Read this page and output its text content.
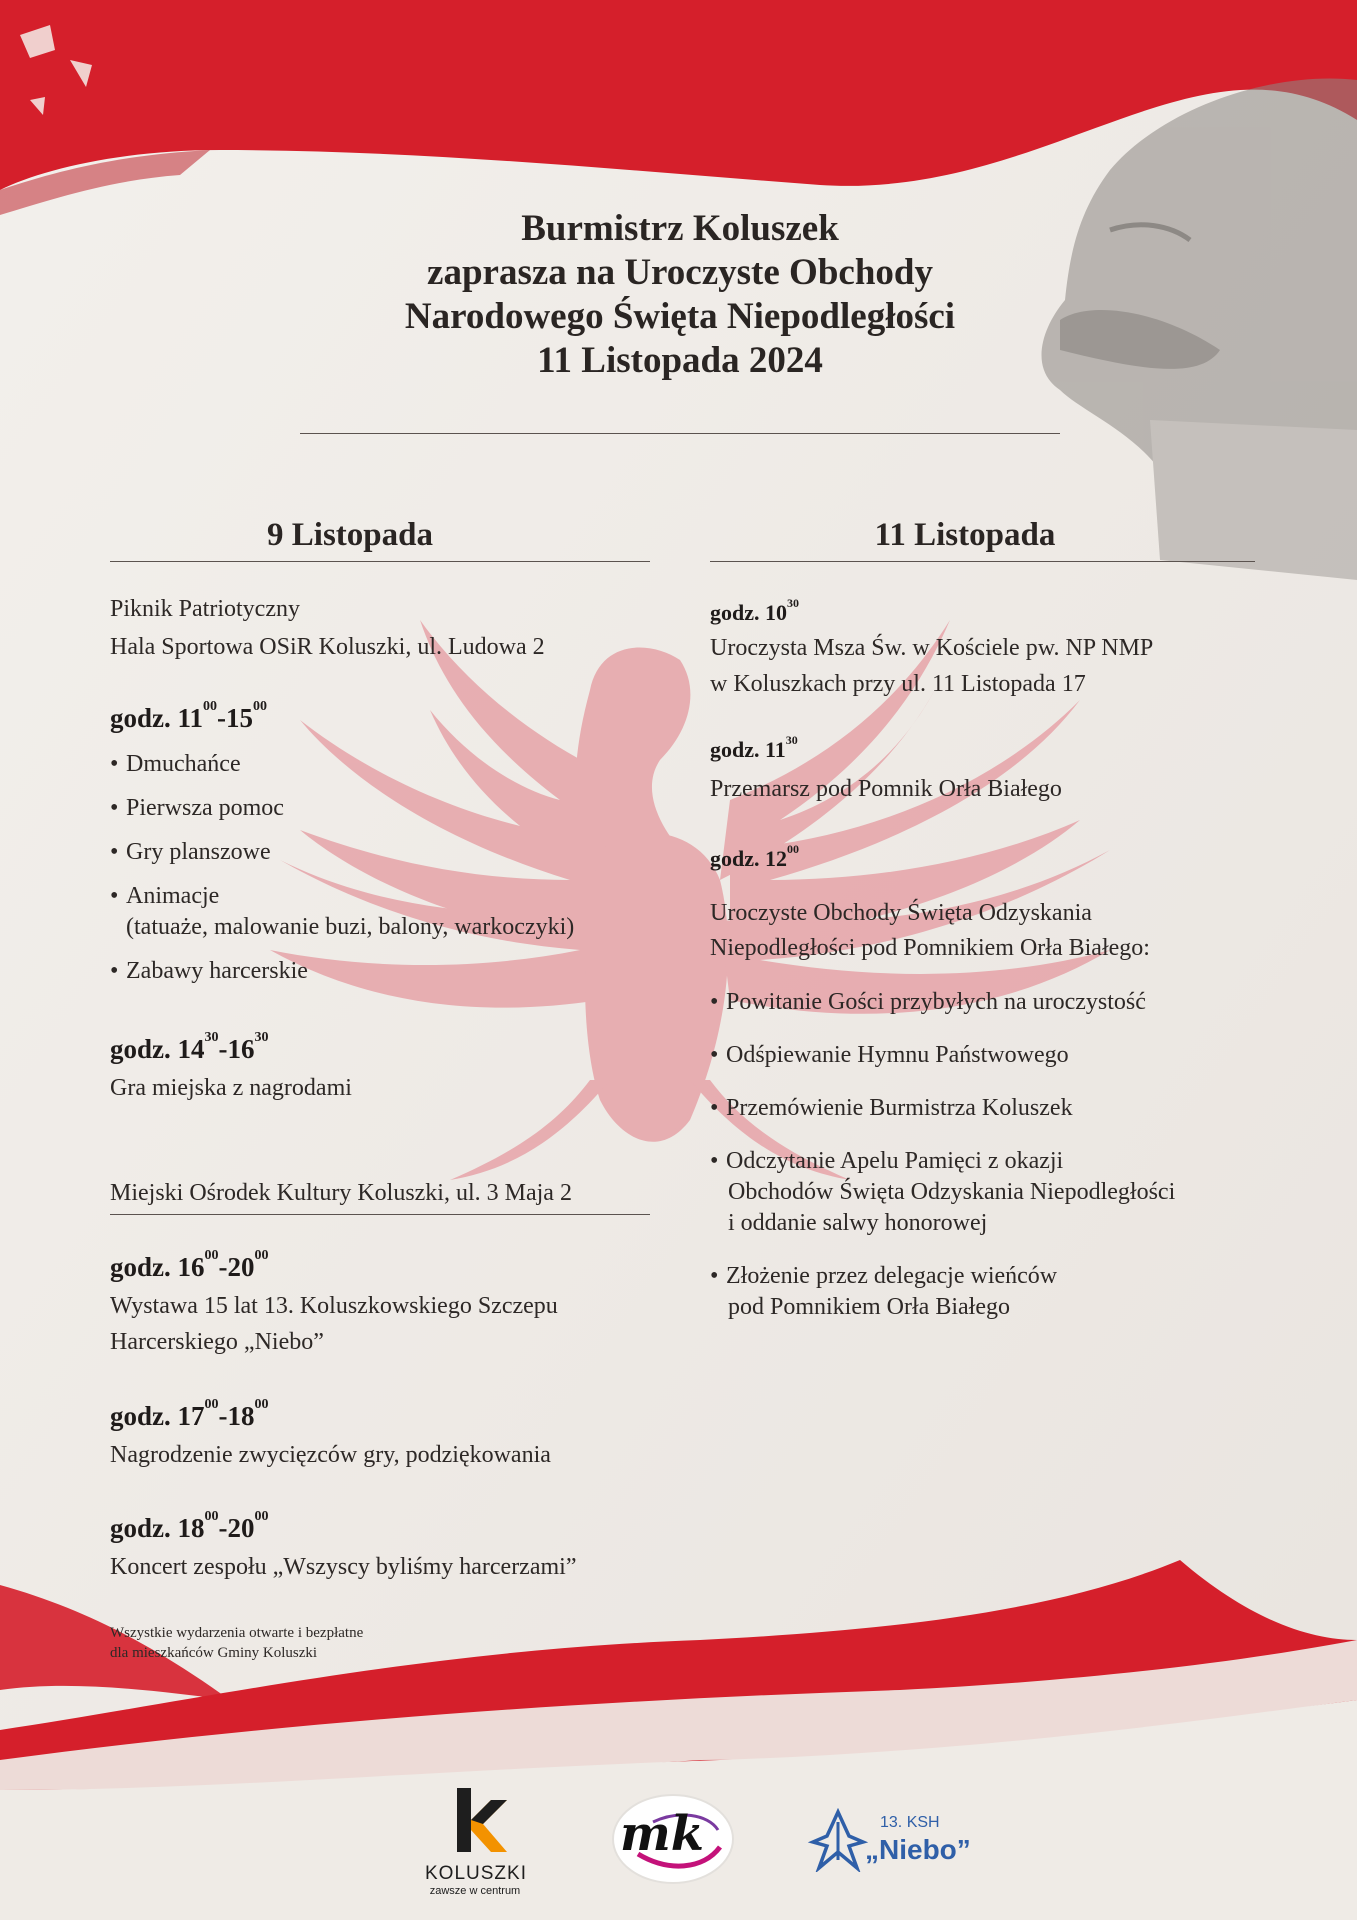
Burmistrz Koluszek
zaprasza na Uroczyste Obchody
Narodowego Święta Niepodległości
11 Listopada 2024
9 Listopada
Piknik Patriotyczny
Hala Sportowa OSiR Koluszki, ul. Ludowa 2
godz. $11^{00}-15^{00}$
• Dmuchańce
• Pierwsza pomoc
• Gry planszowe
• Animacje
(tatuaże, malowanie buzi, balony, warkoczyki)
• Zabawy harcerskie
godz. $14^{30}-16^{30}$
Gra miejska z nagrodami
Miejski Ośrodek Kultury Koluszki, ul. 3 Maja 2
godz. $16^{00}-20^{00}$
Wystawa 15 lat 13. Koluszkowskiego Szczepu
Harcerskiego „Niebo”
godz. $17^{00}-18^{00}$
Nagrodzenie zwycięzców gry, podziękowania
godz. $18^{00}-20^{00}$
Koncert zespołu „Wszyscy byliśmy harcerzami”
Wszystkie wydarzenia otwarte i bezpłatne
dla mieszkańców Gminy Koluszki
11 Listopada
godz. $10^{30}$
Uroczysta Msza Św. w Kościele pw. NP NMP
w Koluszkach przy ul. 11 Listopada 17
godz. $11^{30}$
Przemarsz pod Pomnik Orła Białego
godz. $12^{00}$
Uroczyste Obchody Święta Odzyskania
Niepodległości pod Pomnikiem Orła Białego:
• Powitanie Gości przybyłych na uroczystość
• Odśpiewanie Hymnu Państwowego
• Przemówienie Burmistrza Koluszek
• Odczytanie Apelu Pamięci z okazji
Obchodów Święta Odzyskania Niepodległości
i oddanie salwy honorowej
• Złożenie przez delegacje wieńców
pod Pomnikiem Orła Białego
KOLUSZKI
zawsze w centrum
mk	13. KSH
„Niebo”
